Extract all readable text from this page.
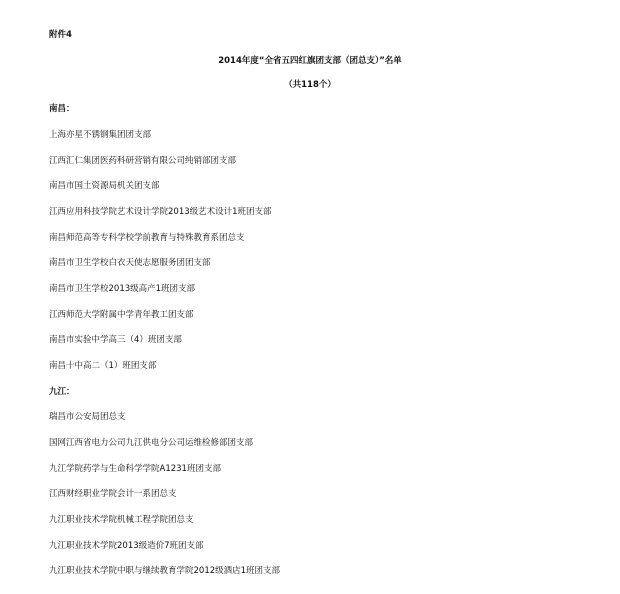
附件4
2014年度“全省五四红旗团支部（团总支）”名单
（共118个）
南昌：
上海亦星不锈钢集团团支部
江西汇仁集团医药科研营销有限公司纯销部团支部
南昌市国土资源局机关团支部
江西应用科技学院艺术设计学院2013级艺术设计1班团支部
南昌师范高等专科学校学前教育与特殊教育系团总支
南昌市卫生学校白衣天使志愿服务团团支部
南昌市卫生学校2013级高产1班团支部
江西师范大学附属中学青年教工团支部
南昌市实验中学高三（4）班团支部
南昌十中高二（1）班团支部
九江：
瑞昌市公安局团总支
国网江西省电力公司九江供电分公司运维检修部团支部
九江学院药学与生命科学学院A1231班团支部
江西财经职业学院会计一系团总支
九江职业技术学院机械工程学院团总支
九江职业技术学院2013级造价7班团支部
九江职业技术学院中职与继续教育学院2012级酒店1班团支部
